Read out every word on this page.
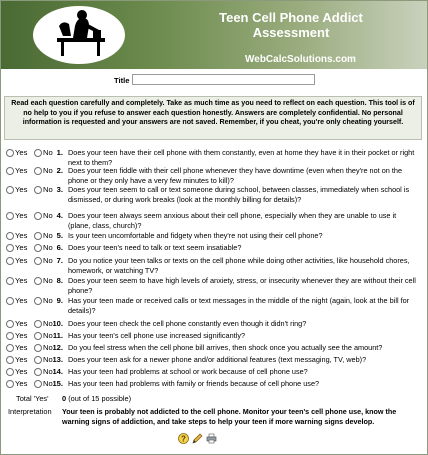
Teen Cell Phone Addict
Assessment
WebCalcSolutions.com
Title
Read each question carefully and completely. Take as much time as you need to reflect on each question. This tool is of no help to you if you refuse to answer each question honestly. Answers are completely confidential. No personal information is requested and your answers are not saved. Remember, if you cheat, you're only cheating yourself.
Yes No 1. Does your teen have their cell phone with them constantly, even at home they have it in their pocket or right next to them?
Yes No 2. Does your teen fiddle with their cell phone whenever they have downtime (even when they're not on the phone or they only have a very few minutes to kill)?
Yes No 3. Does your teen seem to call or text someone during school, between classes, immediately when school is dismissed, or during work breaks (look at the monthly billing for details)?
Yes No 4. Does your teen always seem anxious about their cell phone, especially when they are unable to use it (plane, class, church)?
Yes No 5. Is your teen uncomfortable and fidgety when they're not using their cell phone?
Yes No 6. Does your teen's need to talk or text seem insatiable?
Yes No 7. Do you notice your teen talks or texts on the cell phone while doing other activities, like household chores, homework, or watching TV?
Yes No 8. Does your teen seem to have high levels of anxiety, stress, or insecurity whenever they are without their cell phone?
Yes No 9. Has your teen made or received calls or text messages in the middle of the night (again, look at the bill for details)?
Yes No 10. Does your teen check the cell phone constantly even though it didn't ring?
Yes No 11. Has your teen's cell phone use increased significantly?
Yes No 12. Do you feel stress when the cell phone bill arrives, then shock once you actually see the amount?
Yes No 13. Does your teen ask for a newer phone and/or additional features (text messaging, TV, web)?
Yes No 14. Has your teen had problems at school or work because of cell phone use?
Yes No 15. Has your teen had problems with family or friends because of cell phone use?
Total 'Yes' 0 (out of 15 possible)
Interpretation Your teen is probably not addicted to the cell phone. Monitor your teen's cell phone use, know the warning signs of addiction, and take steps to help your teen if more warning signs develop.
?
